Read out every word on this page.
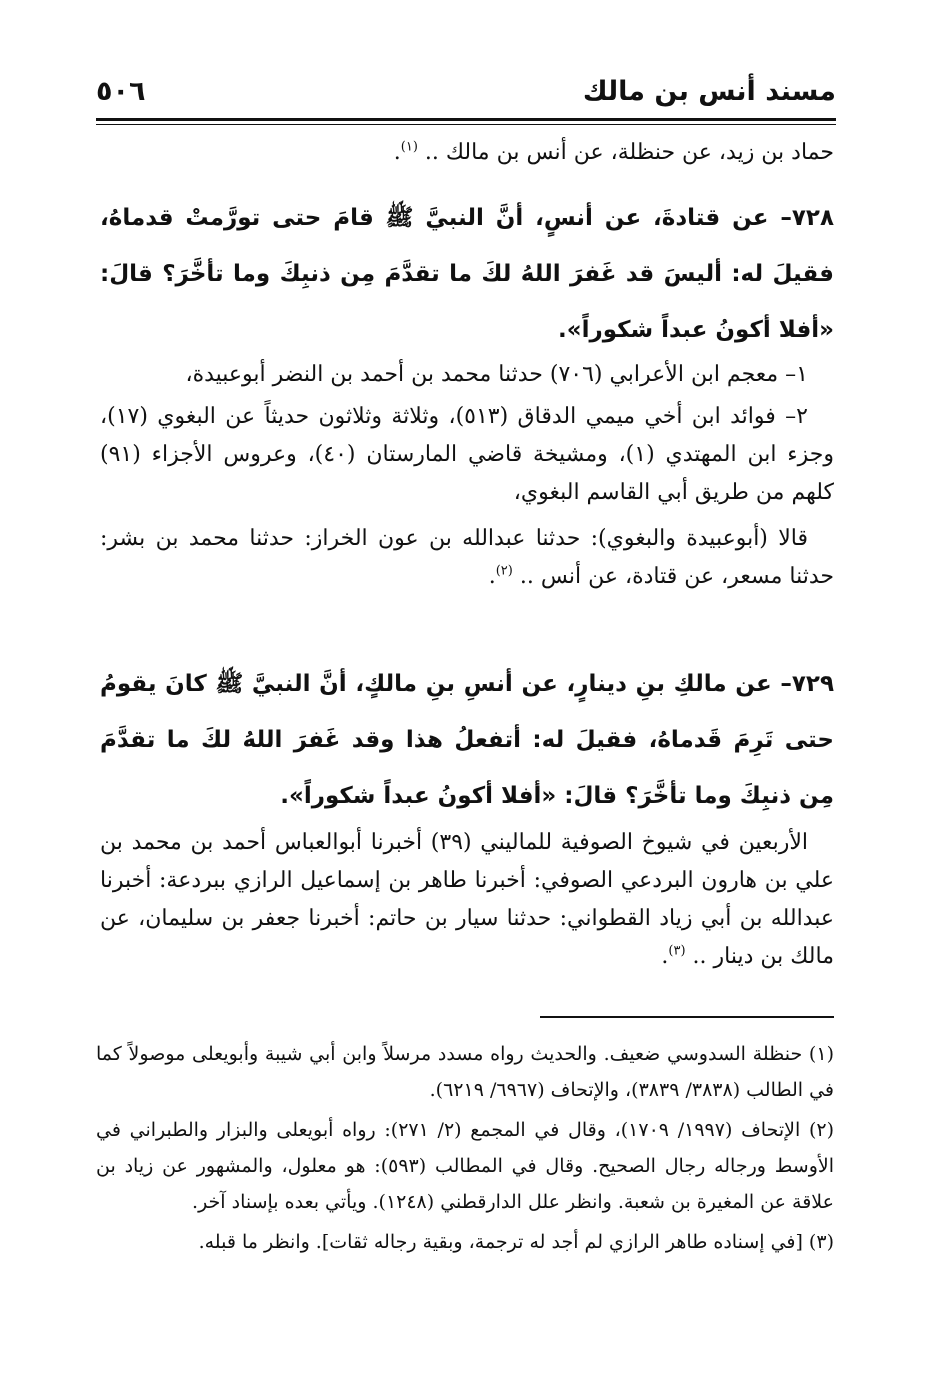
مسند أنس بن مالك
٥٠٦

حماد بن زيد، عن حنظلة، عن أنس بن مالك .. $^{(١)}$.

٧٢٨– عن قتادةَ، عن أنسٍ، أنَّ النبيَّ ﷺ قامَ حتى تورَّمتْ قدماهُ، فقيلَ له: أليسَ قد غَفرَ اللهُ لكَ ما تقدَّمَ مِن ذنبِكَ وما تأخَّرَ؟ قالَ: «أفلا أكونُ عبداً شكوراً».

١– معجم ابن الأعرابي (٧٠٦) حدثنا محمد بن أحمد بن النضر أبوعبيدة،

٢– فوائد ابن أخي ميمي الدقاق (٥١٣)، وثلاثة وثلاثون حديثاً عن البغوي (١٧)، وجزء ابن المهتدي (١)، ومشيخة قاضي المارستان (٤٠)، وعروس الأجزاء (٩١) كلهم من طريق أبي القاسم البغوي،

قالا (أبوعبيدة والبغوي): حدثنا عبدالله بن عون الخراز: حدثنا محمد بن بشر: حدثنا مسعر، عن قتادة، عن أنس .. $^{(٢)}$.

٧٢٩– عن مالكِ بنِ دينارٍ، عن أنسِ بنِ مالكٍ، أنَّ النبيَّ ﷺ كانَ يقومُ حتى تَرِمَ قَدماهُ، فقيلَ له: أتفعلُ هذا وقد غَفرَ اللهُ لكَ ما تقدَّمَ مِن ذنبِكَ وما تأخَّرَ؟ قالَ: «أفلا أكونُ عبداً شكوراً».

الأربعين في شيوخ الصوفية للماليني (٣٩) أخبرنا أبوالعباس أحمد بن محمد بن علي بن هارون البردعي الصوفي: أخبرنا طاهر بن إسماعيل الرازي ببردعة: أخبرنا عبدالله بن أبي زياد القطواني: حدثنا سيار بن حاتم: أخبرنا جعفر بن سليمان، عن مالك بن دينار .. $^{(٣)}$.

(١) حنظلة السدوسي ضعيف. والحديث رواه مسدد مرسلاً وابن أبي شيبة وأبويعلى موصولاً كما في الطالب (٣٨٣٨/ ٣٨٣٩)، والإتحاف (٦٩٦٧/ ٦٢١٩).

(٢) الإتحاف (١٩٩٧/ ١٧٠٩)، وقال في المجمع (٢/ ٢٧١): رواه أبويعلى والبزار والطبراني في الأوسط ورجاله رجال الصحيح. وقال في المطالب (٥٩٣): هو معلول، والمشهور عن زياد بن علاقة عن المغيرة بن شعبة. وانظر علل الدارقطني (١٢٤٨). ويأتي بعده بإسناد آخر.

(٣) [في إسناده طاهر الرازي لم أجد له ترجمة، وبقية رجاله ثقات]. وانظر ما قبله.
